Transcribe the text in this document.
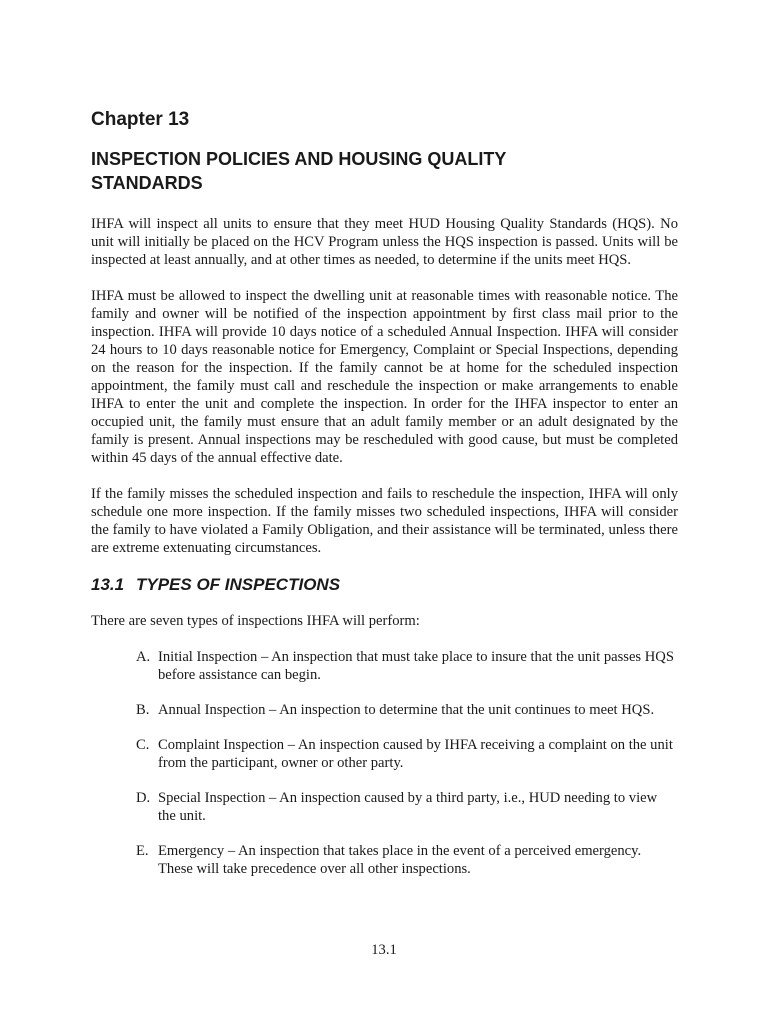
Chapter 13
INSPECTION POLICIES AND HOUSING QUALITY
STANDARDS

IHFA will inspect all units to ensure that they meet HUD Housing Quality Standards (HQS). No unit will initially be placed on the HCV Program unless the HQS inspection is passed. Units will be inspected at least annually, and at other times as needed, to determine if the units meet HQS.

IHFA must be allowed to inspect the dwelling unit at reasonable times with reasonable notice. The family and owner will be notified of the inspection appointment by first class mail prior to the inspection. IHFA will provide 10 days notice of a scheduled Annual Inspection. IHFA will consider 24 hours to 10 days reasonable notice for Emergency, Complaint or Special Inspections, depending on the reason for the inspection. If the family cannot be at home for the scheduled inspection appointment, the family must call and reschedule the inspection or make arrangements to enable IHFA to enter the unit and complete the inspection. In order for the IHFA inspector to enter an occupied unit, the family must ensure that an adult family member or an adult designated by the family is present. Annual inspections may be rescheduled with good cause, but must be completed within 45 days of the annual effective date.

If the family misses the scheduled inspection and fails to reschedule the inspection, IHFA will only schedule one more inspection. If the family misses two scheduled inspections, IHFA will consider the family to have violated a Family Obligation, and their assistance will be terminated, unless there are extreme extenuating circumstances.

13.1 TYPES OF INSPECTIONS

There are seven types of inspections IHFA will perform:

A. Initial Inspection – An inspection that must take place to insure that the unit passes HQS before assistance can begin.
B. Annual Inspection – An inspection to determine that the unit continues to meet HQS.
C. Complaint Inspection – An inspection caused by IHFA receiving a complaint on the unit from the participant, owner or other party.
D. Special Inspection – An inspection caused by a third party, i.e., HUD needing to view the unit.
E. Emergency – An inspection that takes place in the event of a perceived emergency. These will take precedence over all other inspections.
13.1
